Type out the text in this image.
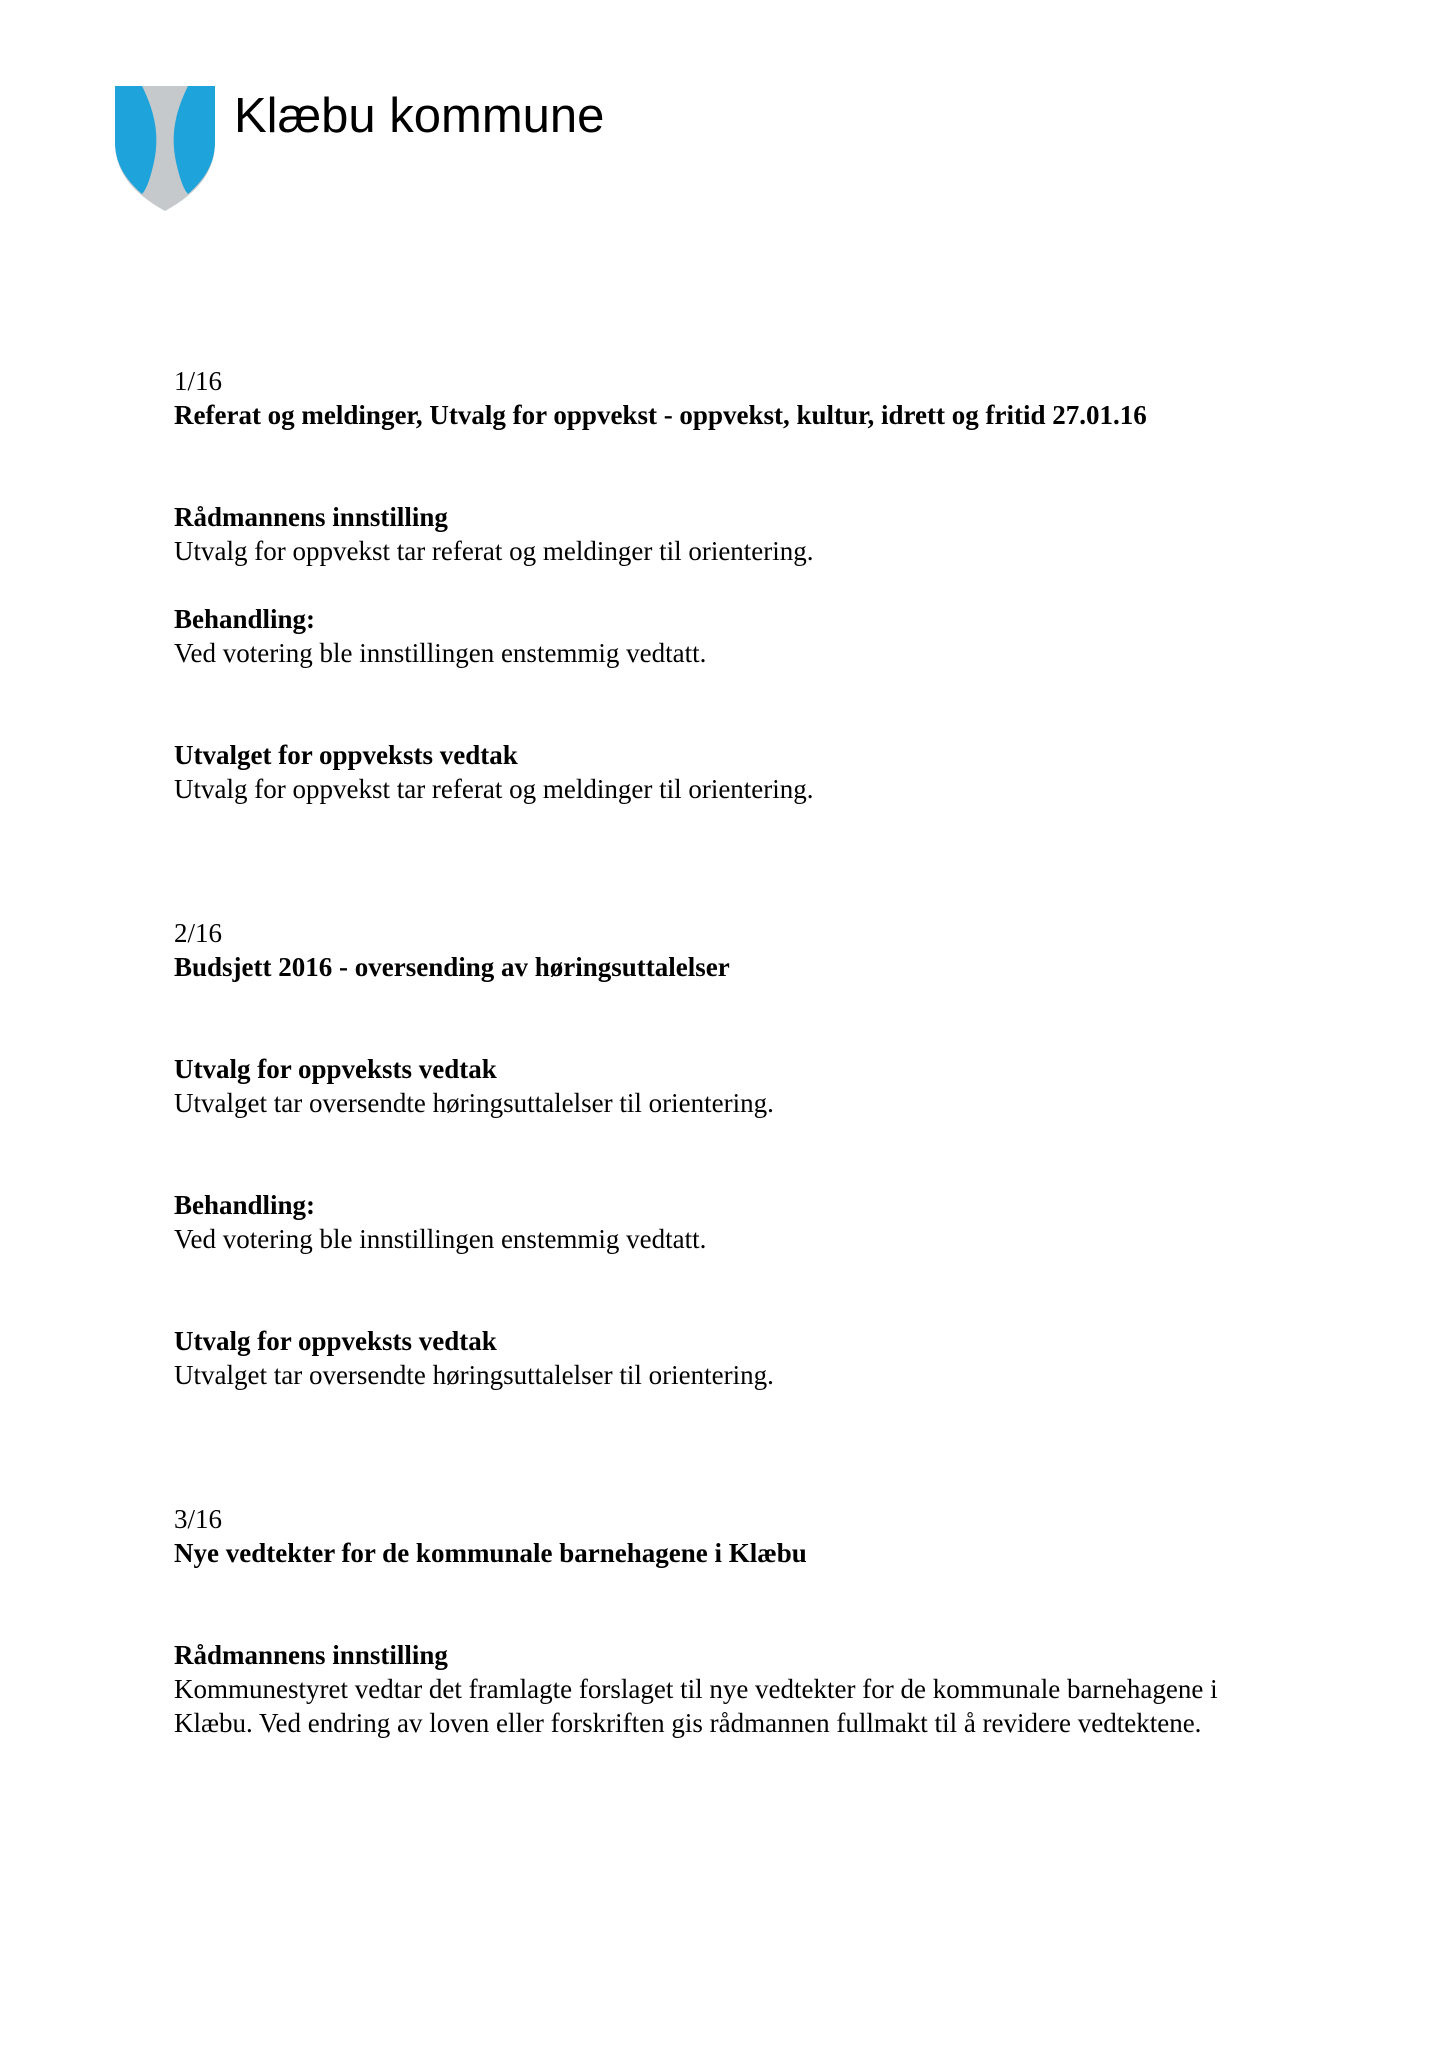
Klæbu kommune
1/16
Referat og meldinger, Utvalg for oppvekst - oppvekst, kultur, idrett og fritid 27.01.16
Rådmannens innstilling
Utvalg for oppvekst tar referat og meldinger til orientering.
Behandling:
Ved votering ble innstillingen enstemmig vedtatt.
Utvalget for oppveksts vedtak
Utvalg for oppvekst tar referat og meldinger til orientering.
2/16
Budsjett 2016 - oversending av høringsuttalelser
Utvalg for oppveksts vedtak
Utvalget tar oversendte høringsuttalelser til orientering.
Behandling:
Ved votering ble innstillingen enstemmig vedtatt.
Utvalg for oppveksts vedtak
Utvalget tar oversendte høringsuttalelser til orientering.
3/16
Nye vedtekter for de kommunale barnehagene i Klæbu
Rådmannens innstilling
Kommunestyret vedtar det framlagte forslaget til nye vedtekter for de kommunale barnehagene i Klæbu. Ved endring av loven eller forskriften gis rådmannen fullmakt til å revidere vedtektene.
